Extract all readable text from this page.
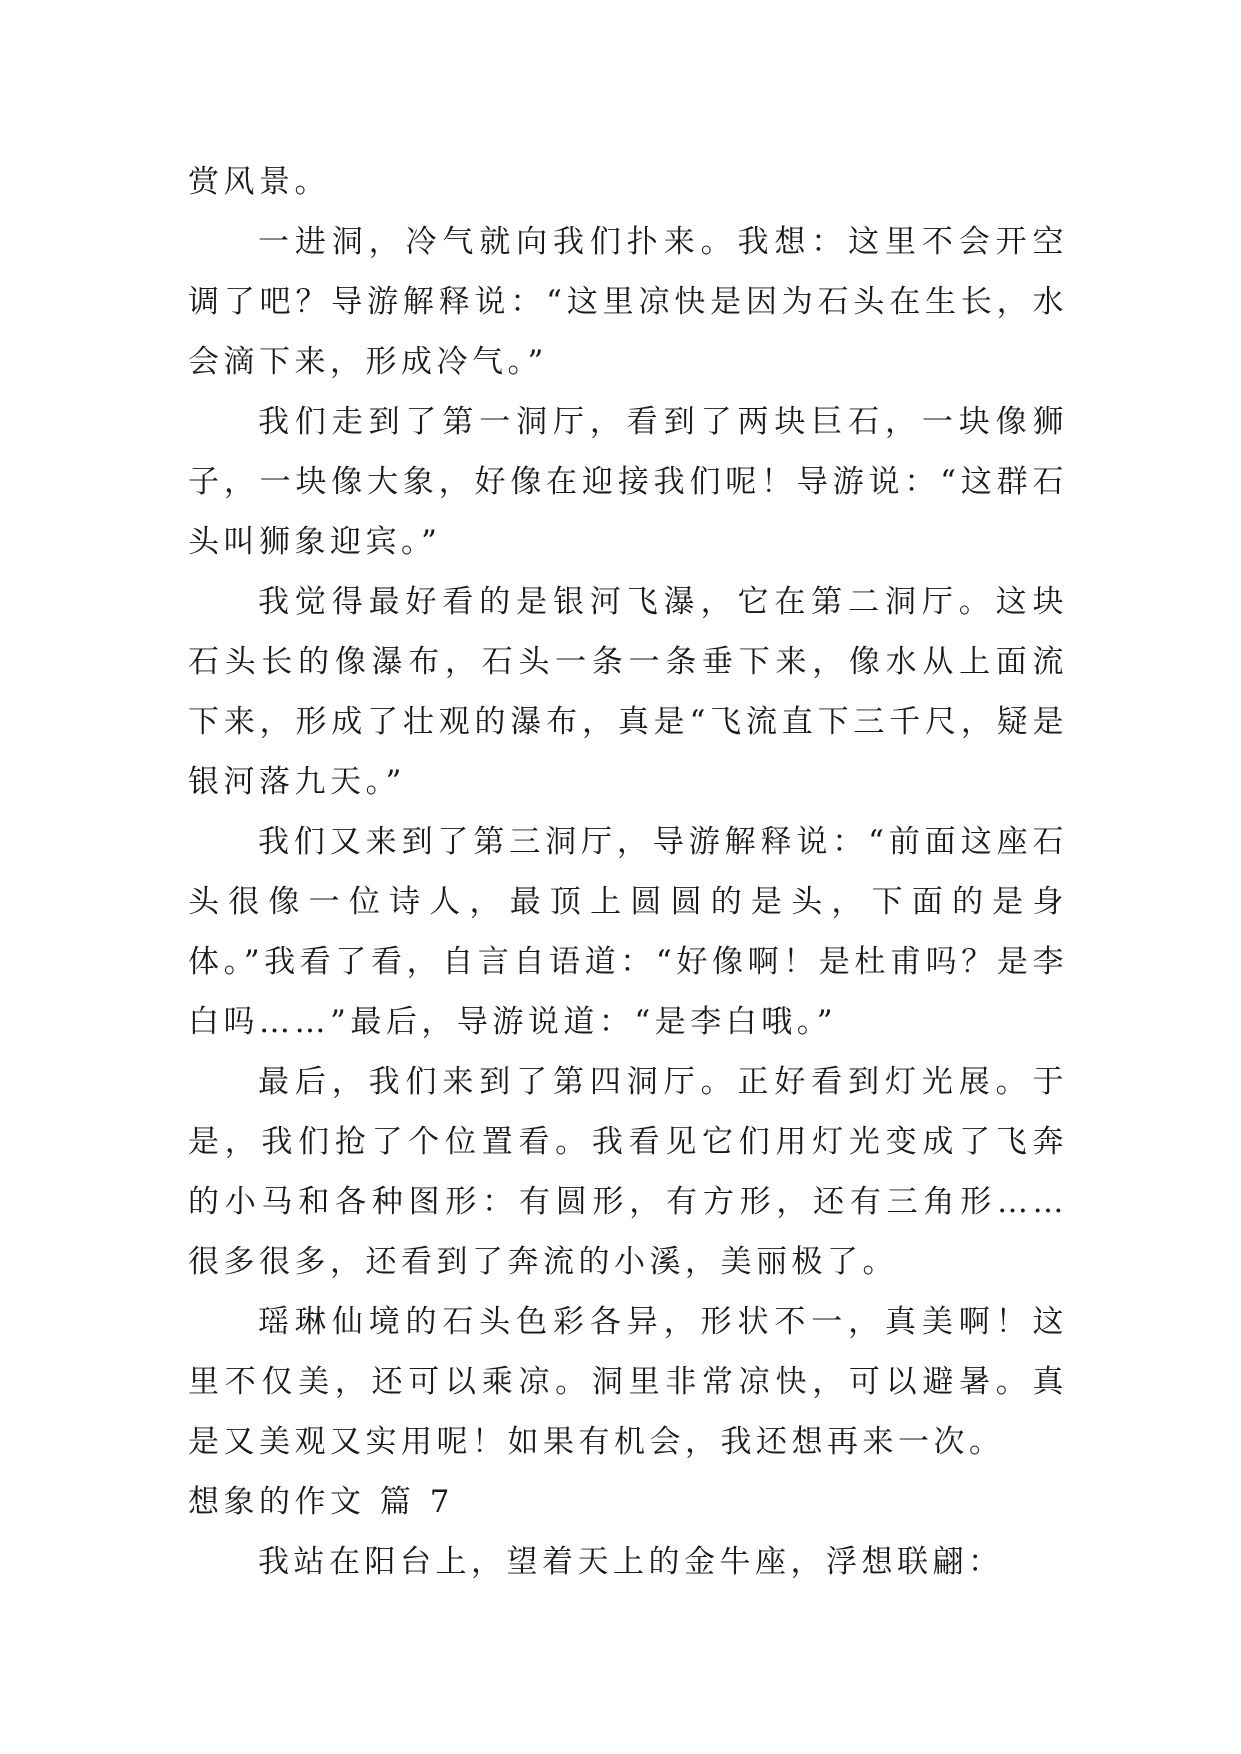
赏风景。

一进洞，冷气就向我们扑来。我想：这里不会开空调了吧？导游解释说：“这里凉快是因为石头在生长，水会滴下来，形成冷气。”

我们走到了第一洞厅，看到了两块巨石，一块像狮子，一块像大象，好像在迎接我们呢！导游说：“这群石头叫狮象迎宾。”

我觉得最好看的是银河飞瀑，它在第二洞厅。这块石头长的像瀑布，石头一条一条垂下来，像水从上面流下来，形成了壮观的瀑布，真是“飞流直下三千尺，疑是银河落九天。”

我们又来到了第三洞厅，导游解释说：“前面这座石头很像一位诗人，最顶上圆圆的是头，下面的是身体。”我看了看，自言自语道：“好像啊！是杜甫吗？是李白吗……”最后，导游说道：“是李白哦。”

最后，我们来到了第四洞厅。正好看到灯光展。于是，我们抢了个位置看。我看见它们用灯光变成了飞奔的小马和各种图形：有圆形，有方形，还有三角形……很多很多，还看到了奔流的小溪，美丽极了。

瑶琳仙境的石头色彩各异，形状不一，真美啊！这里不仅美，还可以乘凉。洞里非常凉快，可以避暑。真是又美观又实用呢！如果有机会，我还想再来一次。

想象的作文 篇 7

我站在阳台上，望着天上的金牛座，浮想联翩：
